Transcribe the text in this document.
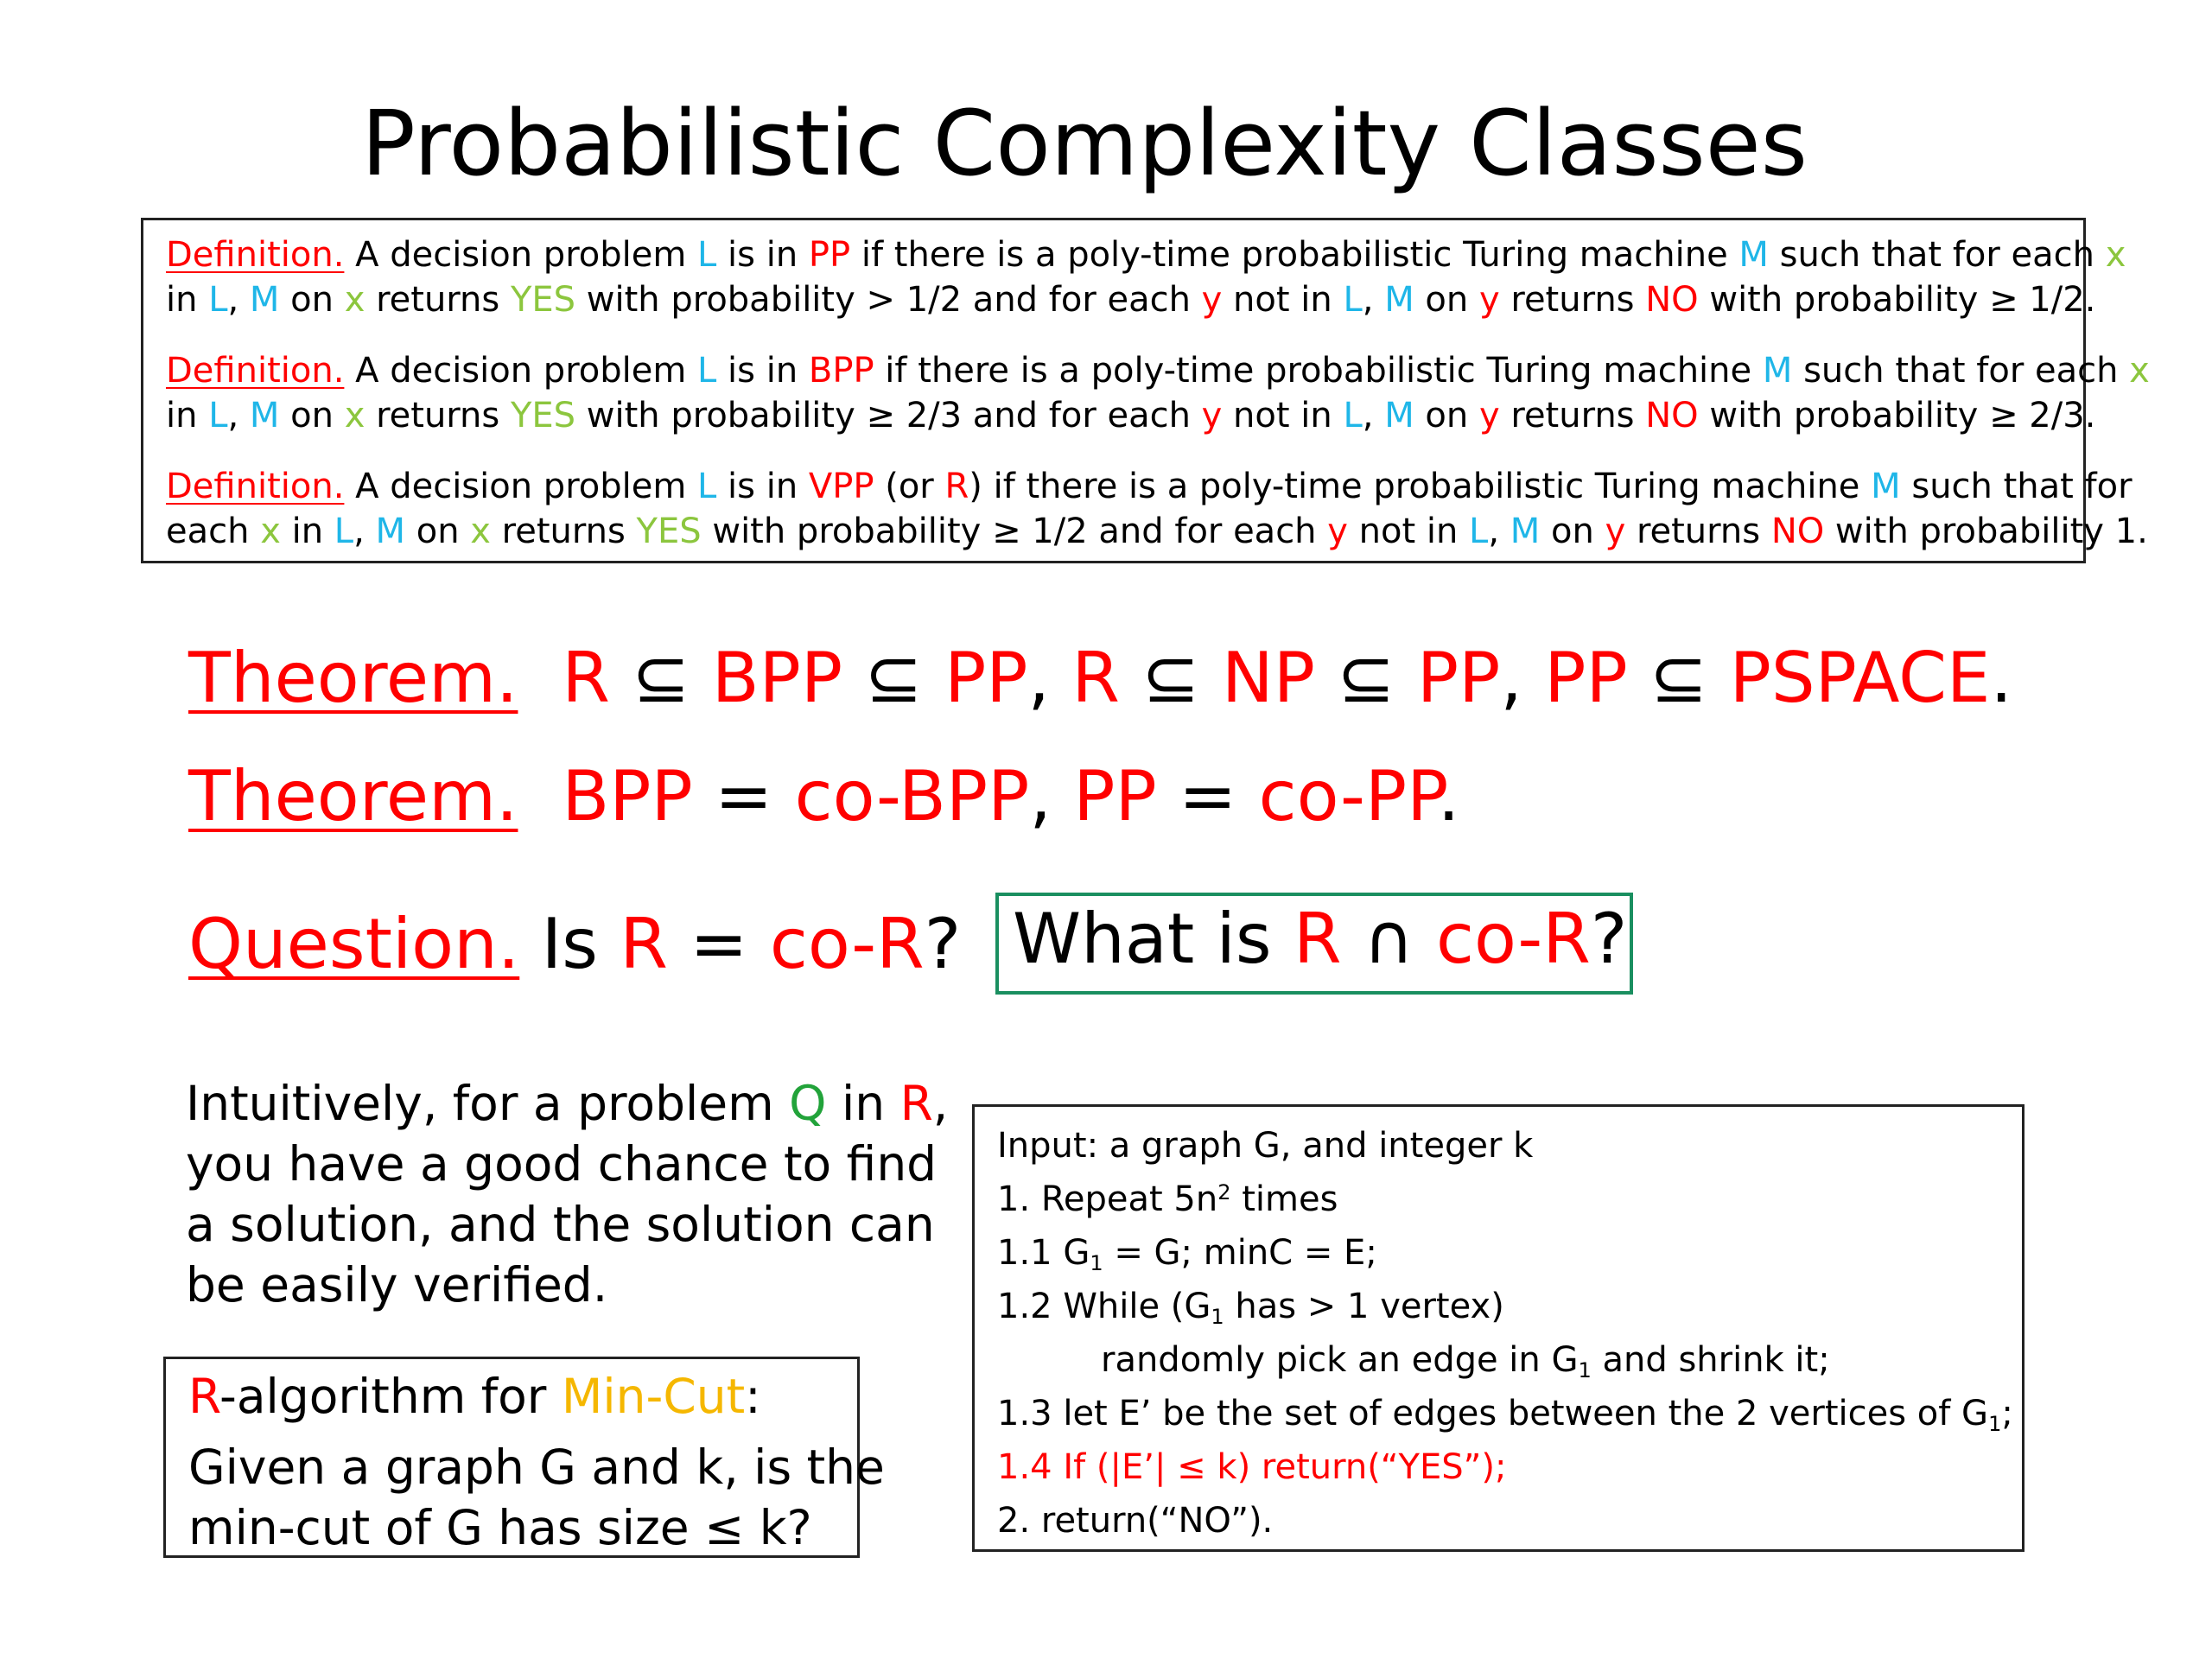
Probabilistic Complexity Classes
Definition. A decision problem L is in PP if there is a poly-time probabilistic Turing machine M such that for each x
in L, M on x returns YES with probability > 1/2 and for each y not in L, M on y returns NO with probability ≥ 1/2.
Definition. A decision problem L is in BPP if there is a poly-time probabilistic Turing machine M such that for each x
in L, M on x returns YES with probability ≥ 2/3 and for each y not in L, M on y returns NO with probability ≥ 2/3.
Definition. A decision problem L is in VPP (or R) if there is a poly-time probabilistic Turing machine M such that for
each x in L, M on x returns YES with probability ≥ 1/2 and for each y not in L, M on y returns NO with probability 1.
Theorem. R ⊆ BPP ⊆ PP, R ⊆ NP ⊆ PP, PP ⊆ PSPACE.
Theorem. BPP = co-BPP, PP = co-PP.
Question. Is R = co-R? What is R ∩ co-R?
Intuitively, for a problem Q in R,
you have a good chance to find
a solution, and the solution can
be easily verified.
R-algorithm for Min-Cut:
Given a graph G and k, is the
min-cut of G has size ≤ k?
Input: a graph G, and integer k
1. Repeat $5n^2$ times
1.1 $G_1 = G$; minC = E;
1.2 While ($G_1$ has > 1 vertex)
randomly pick an edge in $G_1$ and shrink it;
1.3 let E’ be the set of edges between the 2 vertices of $G_1$;
1.4 If (|E’| ≤ k) return(“YES”);
2. return(“NO”).
